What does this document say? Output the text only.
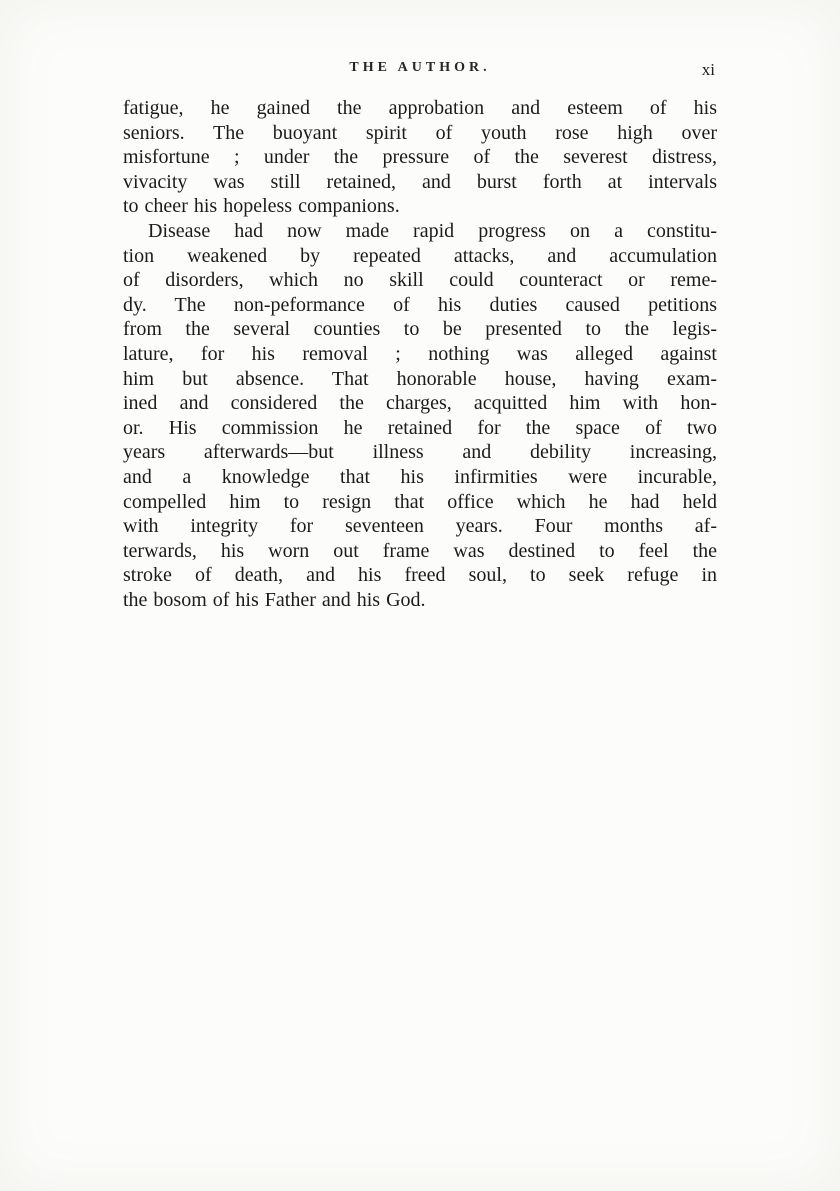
THE AUTHOR.	xi
fatigue, he gained the approbation and esteem of his
seniors. The buoyant spirit of youth rose high over
misfortune ; under the pressure of the severest distress,
vivacity was still retained, and burst forth at intervals
to cheer his hopeless companions.
Disease had now made rapid progress on a constitu-
tion weakened by repeated attacks, and accumulation
of disorders, which no skill could counteract or reme-
dy. The non-peformance of his duties caused petitions
from the several counties to be presented to the legis-
lature, for his removal ; nothing was alleged against
him but absence. That honorable house, having exam-
ined and considered the charges, acquitted him with hon-
or. His commission he retained for the space of two
years afterwards—but illness and debility increasing,
and a knowledge that his infirmities were incurable,
compelled him to resign that office which he had held
with integrity for seventeen years. Four months af-
terwards, his worn out frame was destined to feel the
stroke of death, and his freed soul, to seek refuge in
the bosom of his Father and his God.
